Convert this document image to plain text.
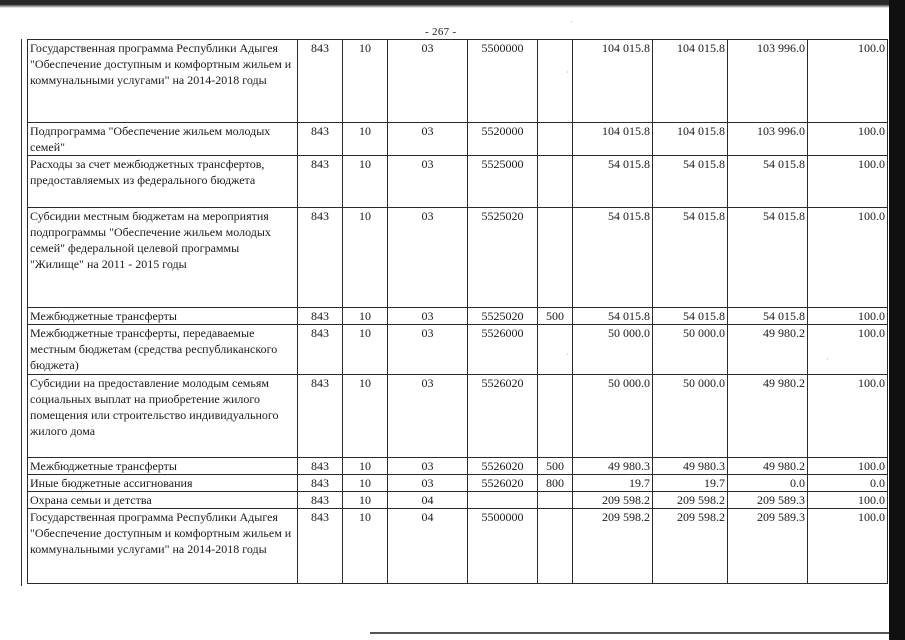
- 267 -
Государственная программа Республики Адыгея "Обеспечение доступным и комфортным жильем и коммунальными услугами" на 2014-2018 годы	843	10	03	5500000		104 015.8	104 015.8	103 996.0	100.0
Подпрограмма "Обеспечение жильем молодых семей"	843	10	03	5520000		104 015.8	104 015.8	103 996.0	100.0
Расходы за счет межбюджетных трансфертов, предоставляемых из федерального бюджета	843	10	03	5525000		54 015.8	54 015.8	54 015.8	100.0
Субсидии местным бюджетам на мероприятия подпрограммы "Обеспечение жильем молодых семей" федеральной целевой программы "Жилище" на 2011 - 2015 годы	843	10	03	5525020		54 015.8	54 015.8	54 015.8	100.0
Межбюджетные трансферты	843	10	03	5525020	500	54 015.8	54 015.8	54 015.8	100.0
Межбюджетные трансферты, передаваемые местным бюджетам (средства республиканского бюджета)	843	10	03	5526000		50 000.0	50 000.0	49 980.2	100.0
Субсидии на предоставление молодым семьям социальных выплат на приобретение жилого помещения или строительство индивидуального жилого дома	843	10	03	5526020		50 000.0	50 000.0	49 980.2	100.0
Межбюджетные трансферты	843	10	03	5526020	500	49 980.3	49 980.3	49 980.2	100.0
Иные бюджетные ассигнования	843	10	03	5526020	800	19.7	19.7	0.0	0.0
Охрана семьи и детства	843	10	04			209 598.2	209 598.2	209 589.3	100.0
Государственная программа Республики Адыгея "Обеспечение доступным и комфортным жильем и коммунальными услугами" на 2014-2018 годы	843	10	04	5500000		209 598.2	209 598.2	209 589.3	100.0
·
·
·
·
